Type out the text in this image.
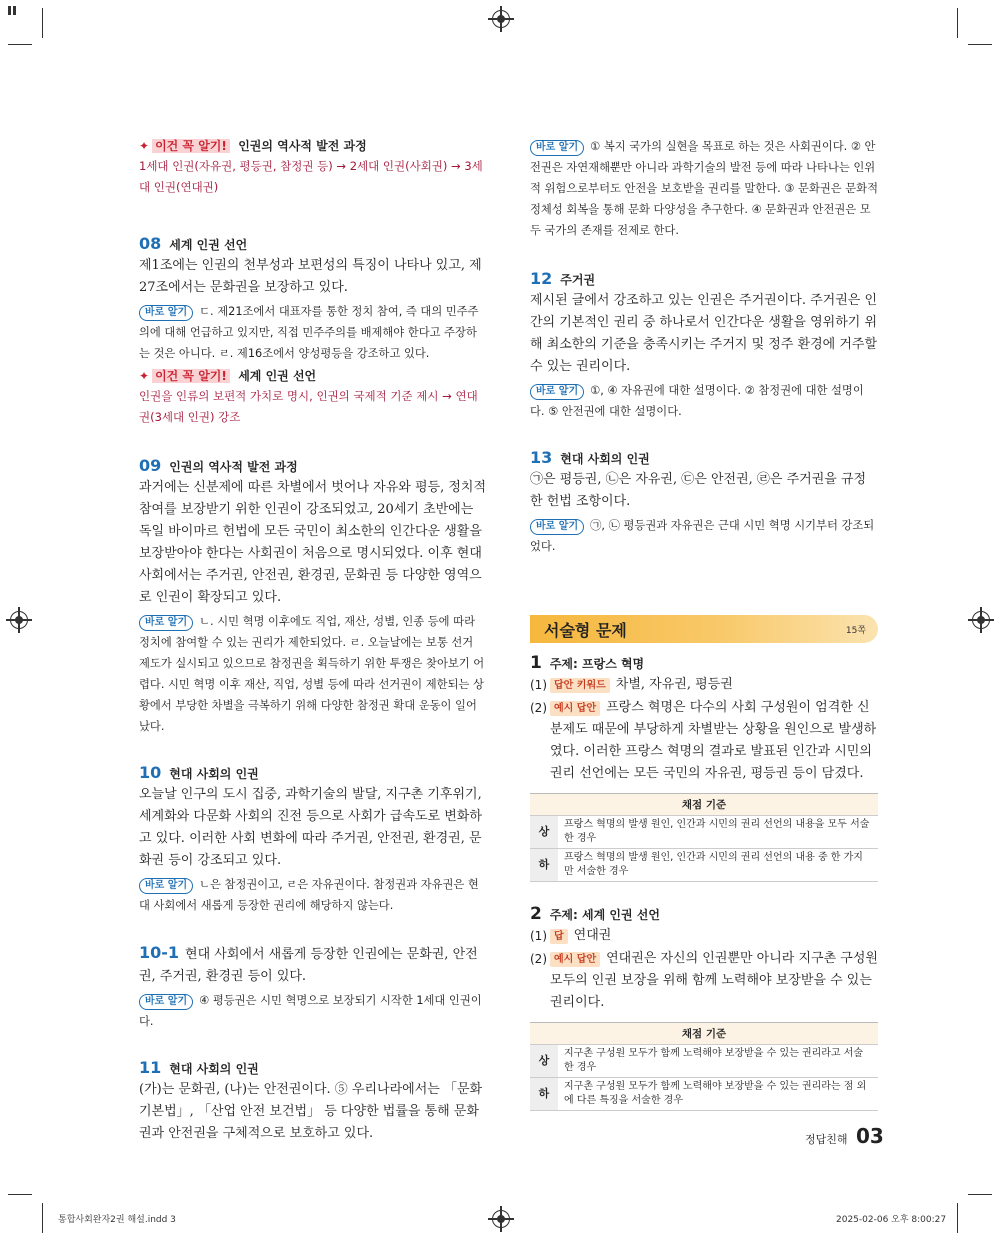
✦ 이건 꼭 알기! 인권의 역사적 발전 과정

1세대 인권(자유권, 평등권, 참정권 등) → 2세대 인권(사회권) → 3세대 인권(연대권)

08 세계 인권 선언

제1조에는 인권의 천부성과 보편성의 특징이 나타나 있고, 제27조에서는 문화권을 보장하고 있다.

바로 알기 ㄷ. 제21조에서 대표자를 통한 정치 참여, 즉 대의 민주주의에 대해 언급하고 있지만, 직접 민주주의를 배제해야 한다고 주장하는 것은 아니다. ㄹ. 제16조에서 양성평등을 강조하고 있다.

✦ 이건 꼭 알기! 세계 인권 선언

인권을 인류의 보편적 가치로 명시, 인권의 국제적 기준 제시 → 연대권(3세대 인권) 강조

09 인권의 역사적 발전 과정

과거에는 신분제에 따른 차별에서 벗어나 자유와 평등, 정치적 참여를 보장받기 위한 인권이 강조되었고, 20세기 초반에는 독일 바이마르 헌법에 모든 국민이 최소한의 인간다운 생활을 보장받아야 한다는 사회권이 처음으로 명시되었다. 이후 현대 사회에서는 주거권, 안전권, 환경권, 문화권 등 다양한 영역으로 인권이 확장되고 있다.

바로 알기 ㄴ. 시민 혁명 이후에도 직업, 재산, 성별, 인종 등에 따라 정치에 참여할 수 있는 권리가 제한되었다. ㄹ. 오늘날에는 보통 선거 제도가 실시되고 있으므로 참정권을 획득하기 위한 투쟁은 찾아보기 어렵다. 시민 혁명 이후 재산, 직업, 성별 등에 따라 선거권이 제한되는 상황에서 부당한 차별을 극복하기 위해 다양한 참정권 확대 운동이 일어났다.

10 현대 사회의 인권

오늘날 인구의 도시 집중, 과학기술의 발달, 지구촌 기후위기, 세계화와 다문화 사회의 진전 등으로 사회가 급속도로 변화하고 있다. 이러한 사회 변화에 따라 주거권, 안전권, 환경권, 문화권 등이 강조되고 있다.

바로 알기 ㄴ은 참정권이고, ㄹ은 자유권이다. 참정권과 자유권은 현대 사회에서 새롭게 등장한 권리에 해당하지 않는다.

10-1 현대 사회에서 새롭게 등장한 인권에는 문화권, 안전권, 주거권, 환경권 등이 있다.

바로 알기 ④ 평등권은 시민 혁명으로 보장되기 시작한 1세대 인권이다.

11 현대 사회의 인권

(가)는 문화권, (나)는 안전권이다. ⑤ 우리나라에서는 「문화 기본법」, 「산업 안전 보건법」 등 다양한 법률을 통해 문화권과 안전권을 구체적으로 보호하고 있다.

바로 알기 ① 복지 국가의 실현을 목표로 하는 것은 사회권이다. ② 안전권은 자연재해뿐만 아니라 과학기술의 발전 등에 따라 나타나는 인위적 위험으로부터도 안전을 보호받을 권리를 말한다. ③ 문화권은 문화적 정체성 회복을 통해 문화 다양성을 추구한다. ④ 문화권과 안전권은 모두 국가의 존재를 전제로 한다.

12 주거권

제시된 글에서 강조하고 있는 인권은 주거권이다. 주거권은 인간의 기본적인 권리 중 하나로서 인간다운 생활을 영위하기 위해 최소한의 기준을 충족시키는 주거지 및 정주 환경에 거주할 수 있는 권리이다.

바로 알기 ①, ④ 자유권에 대한 설명이다. ② 참정권에 대한 설명이다. ⑤ 안전권에 대한 설명이다.

13 현대 사회의 인권

㉠은 평등권, ㉡은 자유권, ㉢은 안전권, ㉣은 주거권을 규정한 헌법 조항이다.

바로 알기 ㉠, ㉡ 평등권과 자유권은 근대 시민 혁명 시기부터 강조되었다.

서술형 문제	15쪽
1 주제: 프랑스 혁명
(1) 답안 키워드 차별, 자유권, 평등권
(2) 예시 답안 프랑스 혁명은 다수의 사회 구성원이 엄격한 신분제도 때문에 부당하게 차별받는 상황을 원인으로 발생하였다. 이러한 프랑스 혁명의 결과로 발표된 인간과 시민의 권리 선언에는 모든 국민의 자유권, 평등권 등이 담겼다.
채점 기준	
상	프랑스 혁명의 발생 원인, 인간과 시민의 권리 선언의 내용을 모두 서술한 경우
하	프랑스 혁명의 발생 원인, 인간과 시민의 권리 선언의 내용 중 한 가지만 서술한 경우
2 주제: 세계 인권 선언
(1) 답 연대권
(2) 예시 답안 연대권은 자신의 인권뿐만 아니라 지구촌 구성원 모두의 인권 보장을 위해 함께 노력해야 보장받을 수 있는 권리이다.
채점 기준	
상	지구촌 구성원 모두가 함께 노력해야 보장받을 수 있는 권리라고 서술한 경우
하	지구촌 구성원 모두가 함께 노력해야 보장받을 수 있는 권리라는 점 외에 다른 특징을 서술한 경우
정답친해 03
통합사회완자2권 해설.indd 3	2025-02-06 오후 8:00:27
